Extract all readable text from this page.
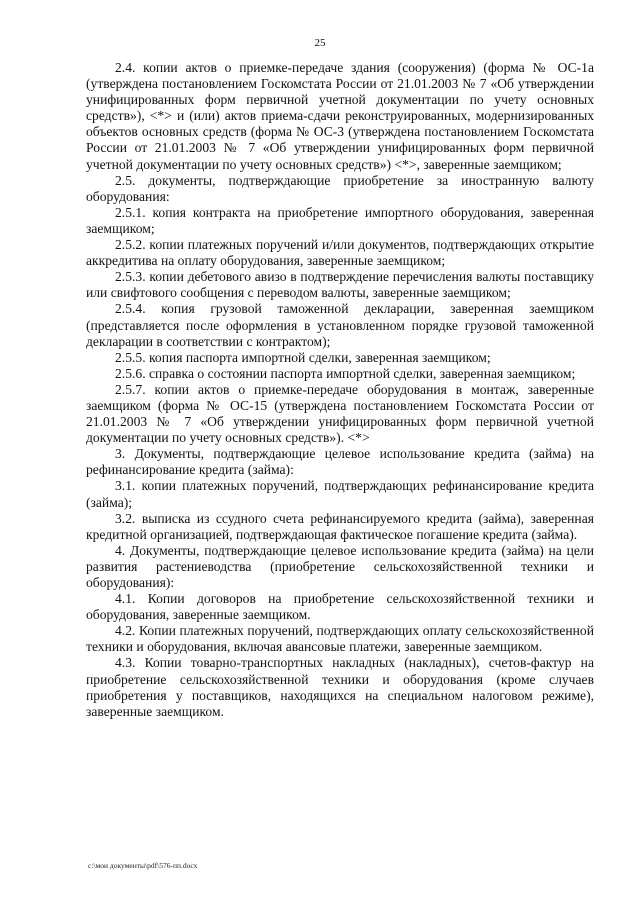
25

2.4. копии актов о приемке-передаче здания (сооружения) (форма № ОС-1а (утверждена постановлением Госкомстата России от 21.01.2003 № 7 «Об утверждении унифицированных форм первичной учетной документации по учету основных средств»), <*> и (или) актов приема-сдачи реконструированных, модернизированных объектов основных средств (форма № ОС-3 (утверждена постановлением Госкомстата России от 21.01.2003 № 7 «Об утверждении унифицированных форм первичной учетной документации по учету основных средств») <*>, заверенные заемщиком;

2.5. документы, подтверждающие приобретение за иностранную валюту оборудования:

2.5.1. копия контракта на приобретение импортного оборудования, заверенная заемщиком;

2.5.2. копии платежных поручений и/или документов, подтверждающих открытие аккредитива на оплату оборудования, заверенные заемщиком;

2.5.3. копии дебетового авизо в подтверждение перечисления валюты поставщику или свифтового сообщения с переводом валюты, заверенные заемщиком;

2.5.4. копия грузовой таможенной декларации, заверенная заемщиком (представляется после оформления в установленном порядке грузовой таможенной декларации в соответствии с контрактом);

2.5.5. копия паспорта импортной сделки, заверенная заемщиком;

2.5.6. справка о состоянии паспорта импортной сделки, заверенная заемщиком;

2.5.7. копии актов о приемке-передаче оборудования в монтаж, заверенные заемщиком (форма № ОС-15 (утверждена постановлением Госкомстата России от 21.01.2003 № 7 «Об утверждении унифицированных форм первичной учетной документации по учету основных средств»). <*>

3. Документы, подтверждающие целевое использование кредита (займа) на рефинансирование кредита (займа):

3.1. копии платежных поручений, подтверждающих рефинансирование кредита (займа);

3.2. выписка из ссудного счета рефинансируемого кредита (займа), заверенная кредитной организацией, подтверждающая фактическое погашение кредита (займа).

4. Документы, подтверждающие целевое использование кредита (займа) на цели развития растениеводства (приобретение сельскохозяйственной техники и оборудования):

4.1. Копии договоров на приобретение сельскохозяйственной техники и оборудования, заверенные заемщиком.

4.2. Копии платежных поручений, подтверждающих оплату сельскохозяйственной техники и оборудования, включая авансовые платежи, заверенные заемщиком.

4.3. Копии товарно-транспортных накладных (накладных), счетов-фактур на приобретение сельскохозяйственной техники и оборудования (кроме случаев приобретения у поставщиков, находящихся на специальном налоговом режиме), заверенные заемщиком.

c:\мои документы\pdf\576-пп.docx
